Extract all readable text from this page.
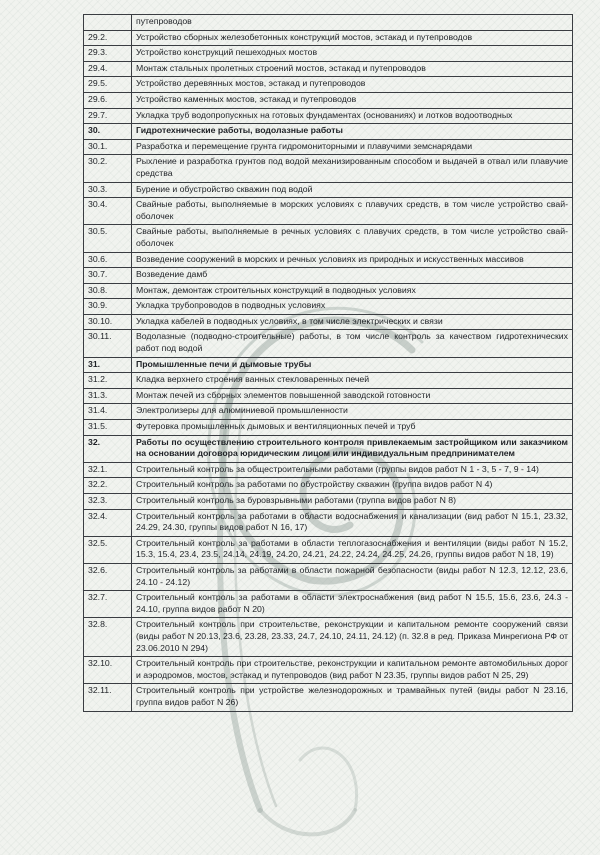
	путепроводов
29.2.	Устройство сборных железобетонных конструкций мостов, эстакад и путепроводов
29.3.	Устройство конструкций пешеходных мостов
29.4.	Монтаж стальных пролетных строений мостов, эстакад и путепроводов
29.5.	Устройство деревянных мостов, эстакад и путепроводов
29.6.	Устройство каменных мостов, эстакад и путепроводов
29.7.	Укладка труб водопропускных на готовых фундаментах (основаниях) и лотков водоотводных
30.	Гидротехнические работы, водолазные работы
30.1.	Разработка и перемещение грунта гидромониторными и плавучими земснарядами
30.2.	Рыхление и разработка грунтов под водой механизированным способом и выдачей в отвал или плавучие средства
30.3.	Бурение и обустройство скважин под водой
30.4.	Свайные работы, выполняемые в морских условиях с плавучих средств, в том числе устройство свай-оболочек
30.5.	Свайные работы, выполняемые в речных условиях с плавучих средств, в том числе устройство свай-оболочек
30.6.	Возведение сооружений в морских и речных условиях из природных и искусственных массивов
30.7.	Возведение дамб
30.8.	Монтаж, демонтаж строительных конструкций в подводных условиях
30.9.	Укладка трубопроводов в подводных условиях
30.10.	Укладка кабелей в подводных условиях, в том числе электрических и связи
30.11.	Водолазные (подводно-строительные) работы, в том числе контроль за качеством гидротехнических работ под водой
31.	Промышленные печи и дымовые трубы
31.2.	Кладка верхнего строения ванных стекловаренных печей
31.3.	Монтаж печей из сборных элементов повышенной заводской готовности
31.4.	Электролизеры для алюминиевой промышленности
31.5.	Футеровка промышленных дымовых и вентиляционных печей и труб
32.	Работы по осуществлению строительного контроля привлекаемым застройщиком или заказчиком на основании договора юридическим лицом или индивидуальным предпринимателем
32.1.	Строительный контроль за общестроительными работами (группы видов работ N 1 - 3, 5 - 7, 9 - 14)
32.2.	Строительный контроль за работами по обустройству скважин (группа видов работ N 4)
32.3.	Строительный контроль за буровзрывными работами (группа видов работ N 8)
32.4.	Строительный контроль за работами в области водоснабжения и канализации (вид работ N 15.1, 23.32, 24.29, 24.30, группы видов работ N 16, 17)
32.5.	Строительный контроль за работами в области теплогазоснабжения и вентиляции (виды работ N 15.2, 15.3, 15.4, 23.4, 23.5, 24.14, 24.19, 24.20, 24.21, 24.22, 24.24, 24.25, 24.26, группы видов работ N 18, 19)
32.6.	Строительный контроль за работами в области пожарной безопасности (виды работ N 12.3, 12.12, 23.6, 24.10 - 24.12)
32.7.	Строительный контроль за работами в области электроснабжения (вид работ N 15.5, 15.6, 23.6, 24.3 - 24.10, группа видов работ N 20)
32.8.	Строительный контроль при строительстве, реконструкции и капитальном ремонте сооружений связи (виды работ N 20.13, 23.6, 23.28, 23.33, 24.7, 24.10, 24.11, 24.12) (п. 32.8 в ред. Приказа Минрегиона РФ от 23.06.2010 N 294)
32.10.	Строительный контроль при строительстве, реконструкции и капитальном ремонте автомобильных дорог и аэродромов, мостов, эстакад и путепроводов (вид работ N 23.35, группы видов работ N 25, 29)
32.11.	Строительный контроль при устройстве железнодорожных и трамвайных путей (виды работ N 23.16, группа видов работ N 26)
